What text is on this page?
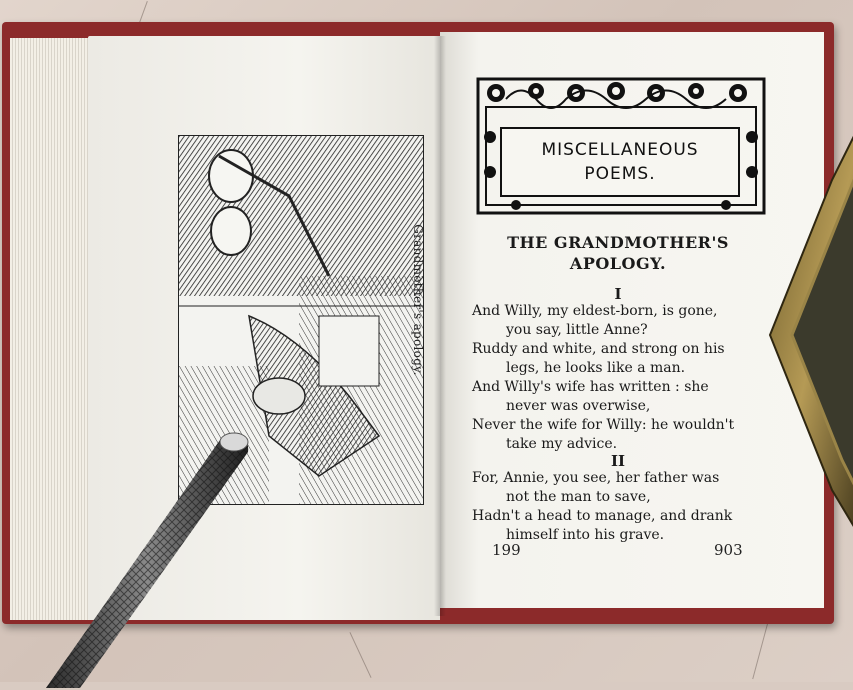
Grandmother's apology.
MISCELLANEOUS
POEMS.
THE GRANDMOTHER'S
APOLOGY.
I
And Willy, my eldest-born, is gone,
you say, little Anne?
Ruddy and white, and strong on his
legs, he looks like a man.
And Willy's wife has written : she
never was overwise,
Never the wife for Willy: he wouldn't
take my advice.
II
For, Annie, you see, her father was
not the man to save,
Hadn't a head to manage, and drank
himself into his grave.
199	903
